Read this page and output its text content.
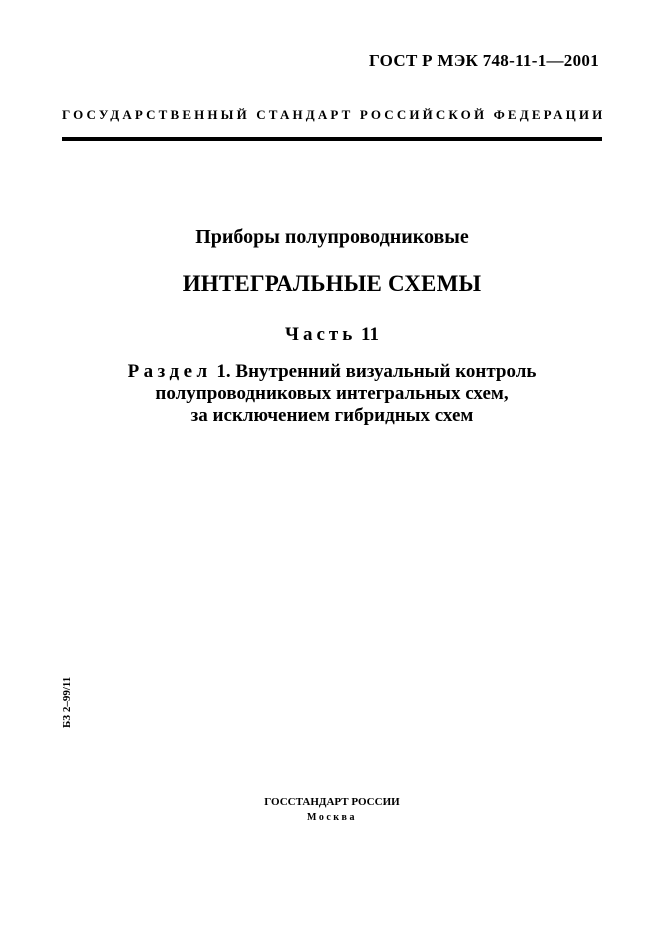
ГОСТ Р МЭК 748-11-1—2001
ГОСУДАРСТВЕННЫЙ СТАНДАРТ РОССИЙСКОЙ ФЕДЕРАЦИИ
Приборы полупроводниковые
ИНТЕГРАЛЬНЫЕ СХЕМЫ
Часть 11
Раздел 1. Внутренний визуальный контроль
полупроводниковых интегральных схем,
за исключением гибридных схем
БЗ 2–99/11
ГОССТАНДАРТ РОССИИ
Москва
